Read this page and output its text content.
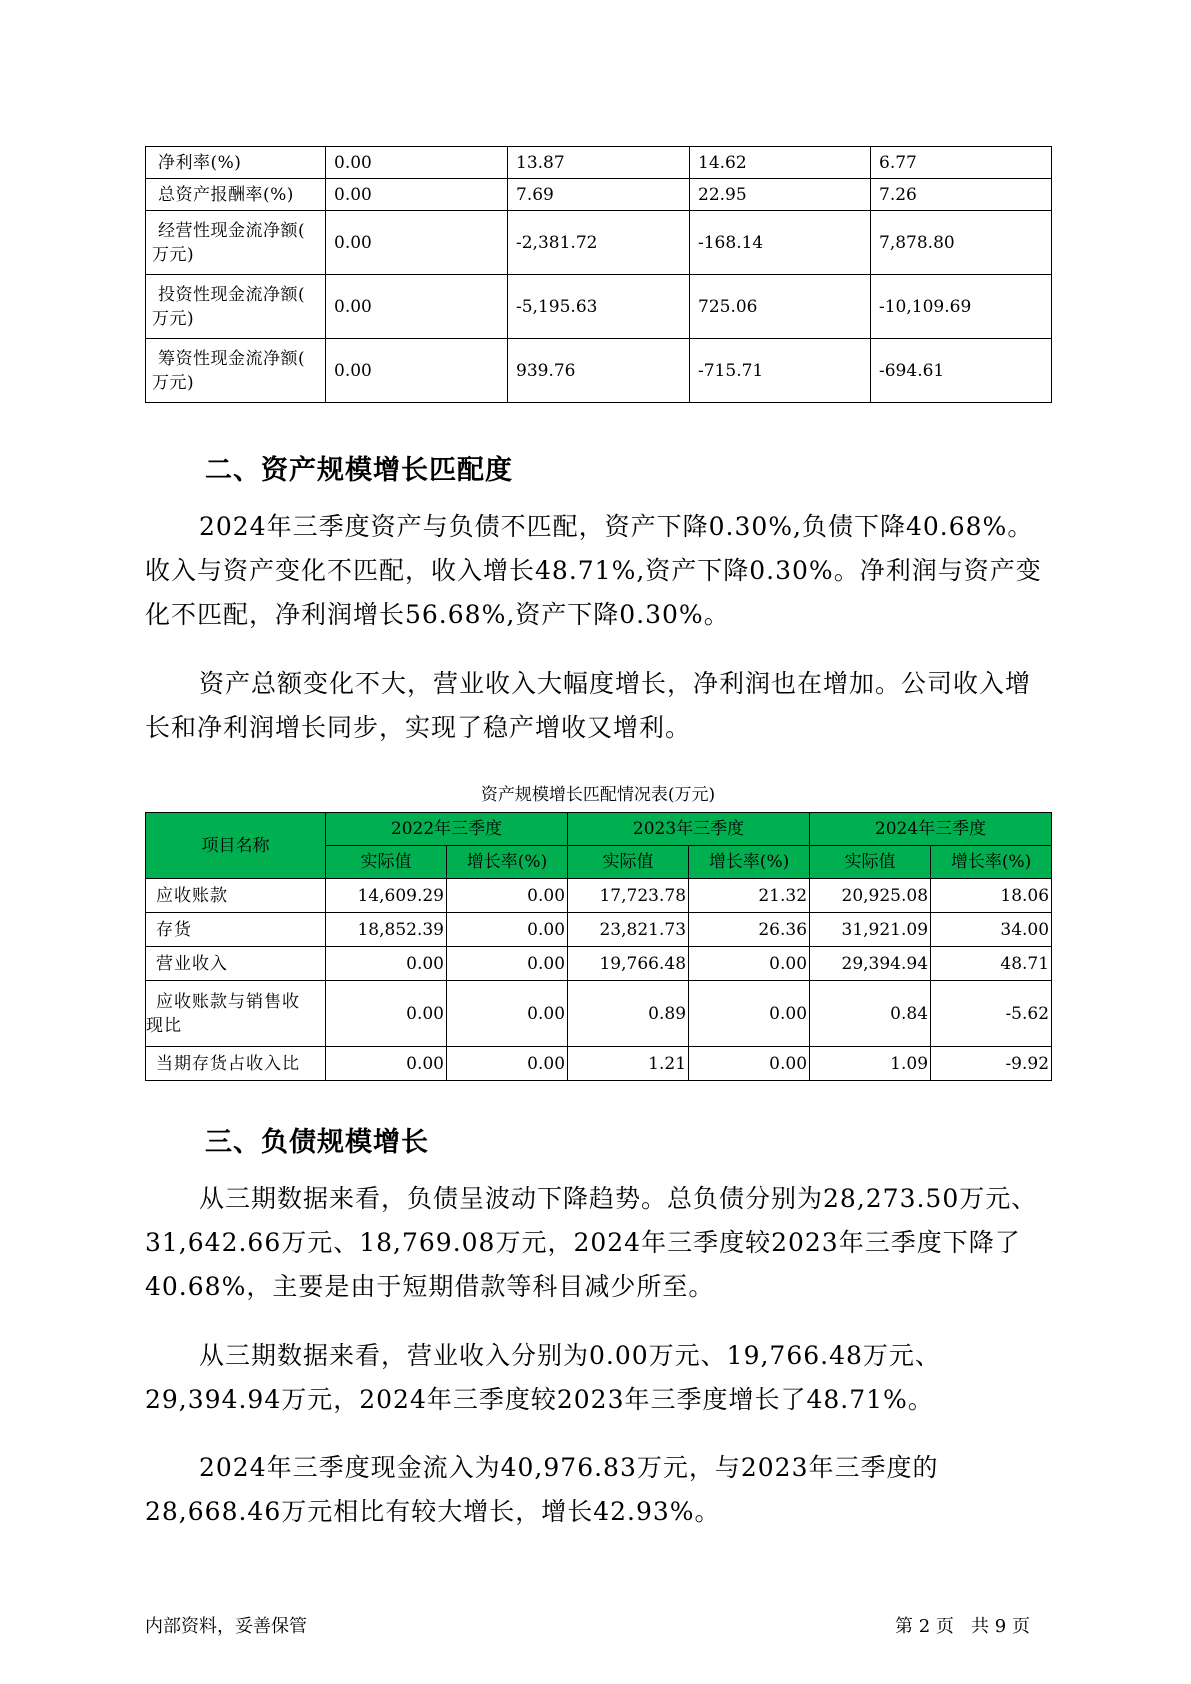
净利率(%)	0.00	13.87	14.62	6.77
总资产报酬率(%)	0.00	7.69	22.95	7.26
经营性现金流净额(
万元)	0.00	-2,381.72	-168.14	7,878.80
投资性现金流净额(
万元)	0.00	-5,195.63	725.06	-10,109.69
筹资性现金流净额(
万元)	0.00	939.76	-715.71	-694.61
二、资产规模增长匹配度
2024年三季度资产与负债不匹配，资产下降0.30%,负债下降40.68%。收入与资产变化不匹配，收入增长48.71%,资产下降0.30%。净利润与资产变化不匹配，净利润增长56.68%,资产下降0.30%。
资产总额变化不大，营业收入大幅度增长，净利润也在增加。公司收入增长和净利润增长同步，实现了稳产增收又增利。
资产规模增长匹配情况表(万元)
项目名称	2022年三季度		2023年三季度		2024年三季度	
	实际值	增长率(%)	实际值	增长率(%)	实际值	增长率(%)
应收账款	14,609.29	0.00	17,723.78	21.32	20,925.08	18.06
存货	18,852.39	0.00	23,821.73	26.36	31,921.09	34.00
营业收入	0.00	0.00	19,766.48	0.00	29,394.94	48.71
应收账款与销售收
现比	0.00	0.00	0.89	0.00	0.84	-5.62
当期存货占收入比	0.00	0.00	1.21	0.00	1.09	-9.92
三、负债规模增长
从三期数据来看，负债呈波动下降趋势。总负债分别为28,273.50万元、31,642.66万元、18,769.08万元，2024年三季度较2023年三季度下降了40.68%，主要是由于短期借款等科目减少所至。
从三期数据来看，营业收入分别为0.00万元、19,766.48万元、29,394.94万元，2024年三季度较2023年三季度增长了48.71%。
2024年三季度现金流入为40,976.83万元，与2023年三季度的28,668.46万元相比有较大增长，增长42.93%。
内部资料，妥善保管	第 2 页   共 9 页
